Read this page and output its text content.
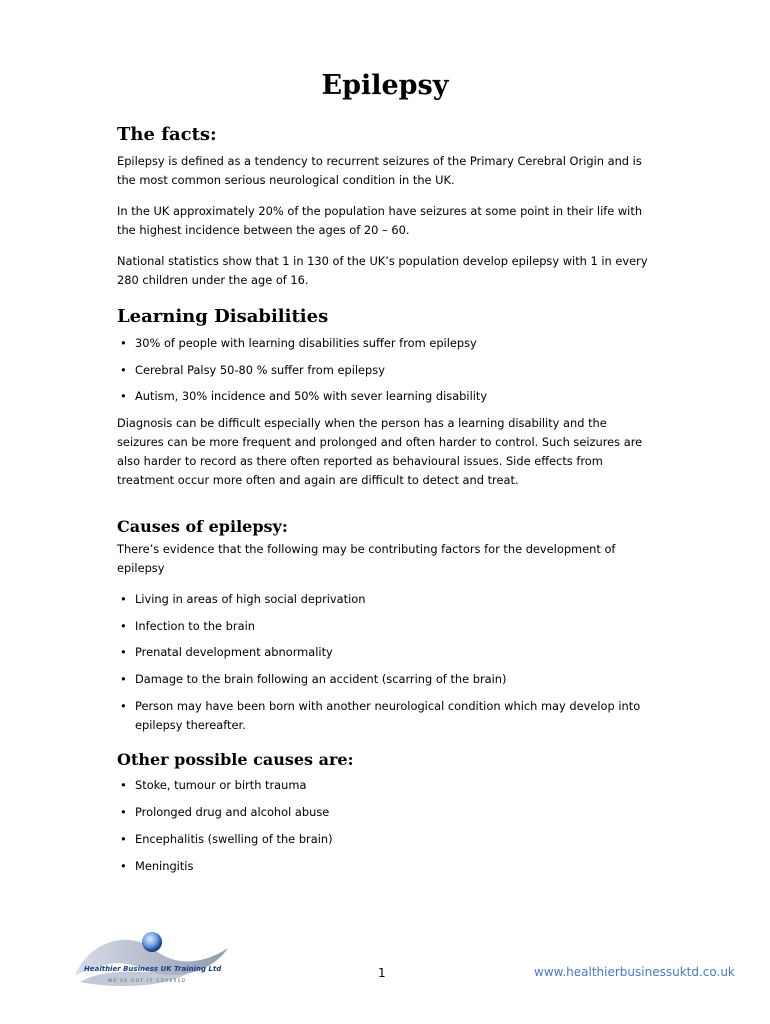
Epilepsy
The facts:

Epilepsy is defined as a tendency to recurrent seizures of the Primary Cerebral Origin and is the most common serious neurological condition in the UK.

In the UK approximately 20% of the population have seizures at some point in their life with the highest incidence between the ages of 20 – 60.

National statistics show that 1 in 130 of the UK’s population develop epilepsy with 1 in every 280 children under the age of 16.

Learning Disabilities

• 30% of people with learning disabilities suffer from epilepsy

• Cerebral Palsy 50-80 % suffer from epilepsy

• Autism, 30% incidence and 50% with sever learning disability

Diagnosis can be difficult especially when the person has a learning disability and the seizures can be more frequent and prolonged and often harder to control. Such seizures are also harder to record as there often reported as behavioural issues. Side effects from treatment occur more often and again are difficult to detect and treat.

Causes of epilepsy:

There’s evidence that the following may be contributing factors for the development of epilepsy

• Living in areas of high social deprivation

• Infection to the brain

• Prenatal development abnormality

• Damage to the brain following an accident (scarring of the brain)

• Person may have been born with another neurological condition which may develop into epilepsy thereafter.

Other possible causes are:

• Stoke, tumour or birth trauma

• Prolonged drug and alcohol abuse

• Encephalitis (swelling of the brain)

• Meningitis

Healthier Business UK Training Ltd
WE'VE GOT IT COVERED
1	www.healthierbusinessuktd.co.uk
